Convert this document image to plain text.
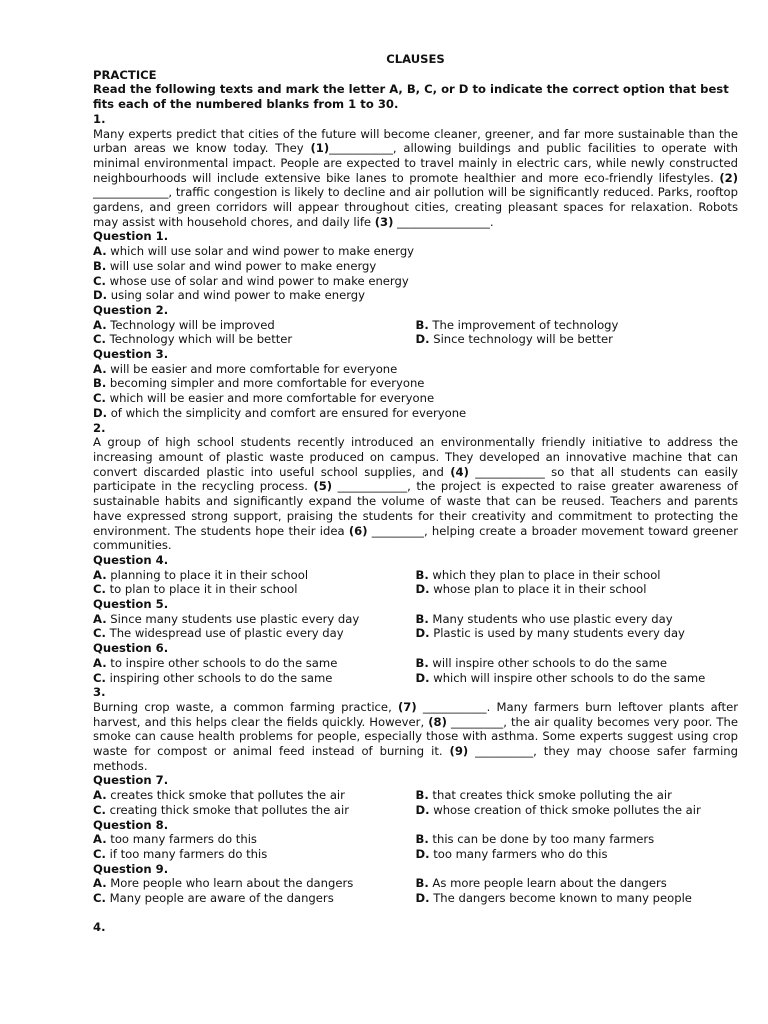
CLAUSES
PRACTICE
Read the following texts and mark the letter A, B, C, or D to indicate the correct option that best fits each of the numbered blanks from 1 to 30.
1.
Many experts predict that cities of the future will become cleaner, greener, and far more sustainable than the urban areas we know today. They (1)___________, allowing buildings and public facilities to operate with minimal environmental impact. People are expected to travel mainly in electric cars, while newly constructed neighbourhoods will include extensive bike lanes to promote healthier and more eco-friendly lifestyles. (2) _____________, traffic congestion is likely to decline and air pollution will be significantly reduced. Parks, rooftop gardens, and green corridors will appear throughout cities, creating pleasant spaces for relaxation. Robots may assist with household chores, and daily life (3) ________________.
Question 1.
A. which will use solar and wind power to make energy
B. will use solar and wind power to make energy
C. whose use of solar and wind power to make energy
D. using solar and wind power to make energy
Question 2.
A. Technology will be improved	B. The improvement of technology
C. Technology which will be better	D. Since technology will be better
Question 3.
A. will be easier and more comfortable for everyone
B. becoming simpler and more comfortable for everyone
C. which will be easier and more comfortable for everyone
D. of which the simplicity and comfort are ensured for everyone
2.
A group of high school students recently introduced an environmentally friendly initiative to address the increasing amount of plastic waste produced on campus. They developed an innovative machine that can convert discarded plastic into useful school supplies, and (4) ____________ so that all students can easily participate in the recycling process. (5) ____________, the project is expected to raise greater awareness of sustainable habits and significantly expand the volume of waste that can be reused. Teachers and parents have expressed strong support, praising the students for their creativity and commitment to protecting the environment. The students hope their idea (6) _________, helping create a broader movement toward greener communities.
Question 4.
A. planning to place it in their school	B. which they plan to place in their school
C. to plan to place it in their school	D. whose plan to place it in their school
Question 5.
A. Since many students use plastic every day	B. Many students who use plastic every day
C. The widespread use of plastic every day	D. Plastic is used by many students every day
Question 6.
A. to inspire other schools to do the same	B. will inspire other schools to do the same
C. inspiring other schools to do the same	D. which will inspire other schools to do the same
3.
Burning crop waste, a common farming practice, (7) ___________. Many farmers burn leftover plants after harvest, and this helps clear the fields quickly. However, (8) _________, the air quality becomes very poor. The smoke can cause health problems for people, especially those with asthma. Some experts suggest using crop waste for compost or animal feed instead of burning it. (9) __________, they may choose safer farming methods.
Question 7.
A. creates thick smoke that pollutes the air	B. that creates thick smoke polluting the air
C. creating thick smoke that pollutes the air	D. whose creation of thick smoke pollutes the air
Question 8.
A. too many farmers do this	B. this can be done by too many farmers
C. if too many farmers do this	D. too many farmers who do this
Question 9.
A. More people who learn about the dangers	B. As more people learn about the dangers
C. Many people are aware of the dangers	D. The dangers become known to many people
4.
